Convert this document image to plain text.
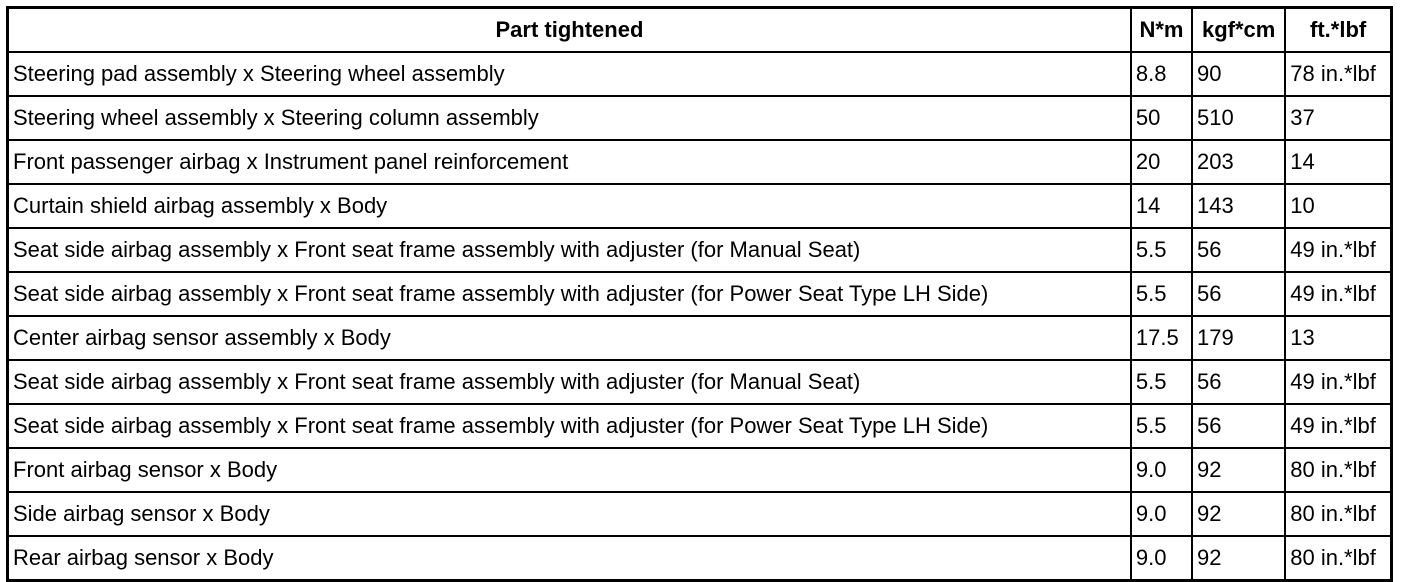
Part tightened	N*m	kgf*cm	ft.*lbf
Steering pad assembly x Steering wheel assembly	8.8	90	78 in.*lbf
Steering wheel assembly x Steering column assembly	50	510	37
Front passenger airbag x Instrument panel reinforcement	20	203	14
Curtain shield airbag assembly x Body	14	143	10
Seat side airbag assembly x Front seat frame assembly with adjuster (for Manual Seat)	5.5	56	49 in.*lbf
Seat side airbag assembly x Front seat frame assembly with adjuster (for Power Seat Type LH Side)	5.5	56	49 in.*lbf
Center airbag sensor assembly x Body	17.5	179	13
Seat side airbag assembly x Front seat frame assembly with adjuster (for Manual Seat)	5.5	56	49 in.*lbf
Seat side airbag assembly x Front seat frame assembly with adjuster (for Power Seat Type LH Side)	5.5	56	49 in.*lbf
Front airbag sensor x Body	9.0	92	80 in.*lbf
Side airbag sensor x Body	9.0	92	80 in.*lbf
Rear airbag sensor x Body	9.0	92	80 in.*lbf
